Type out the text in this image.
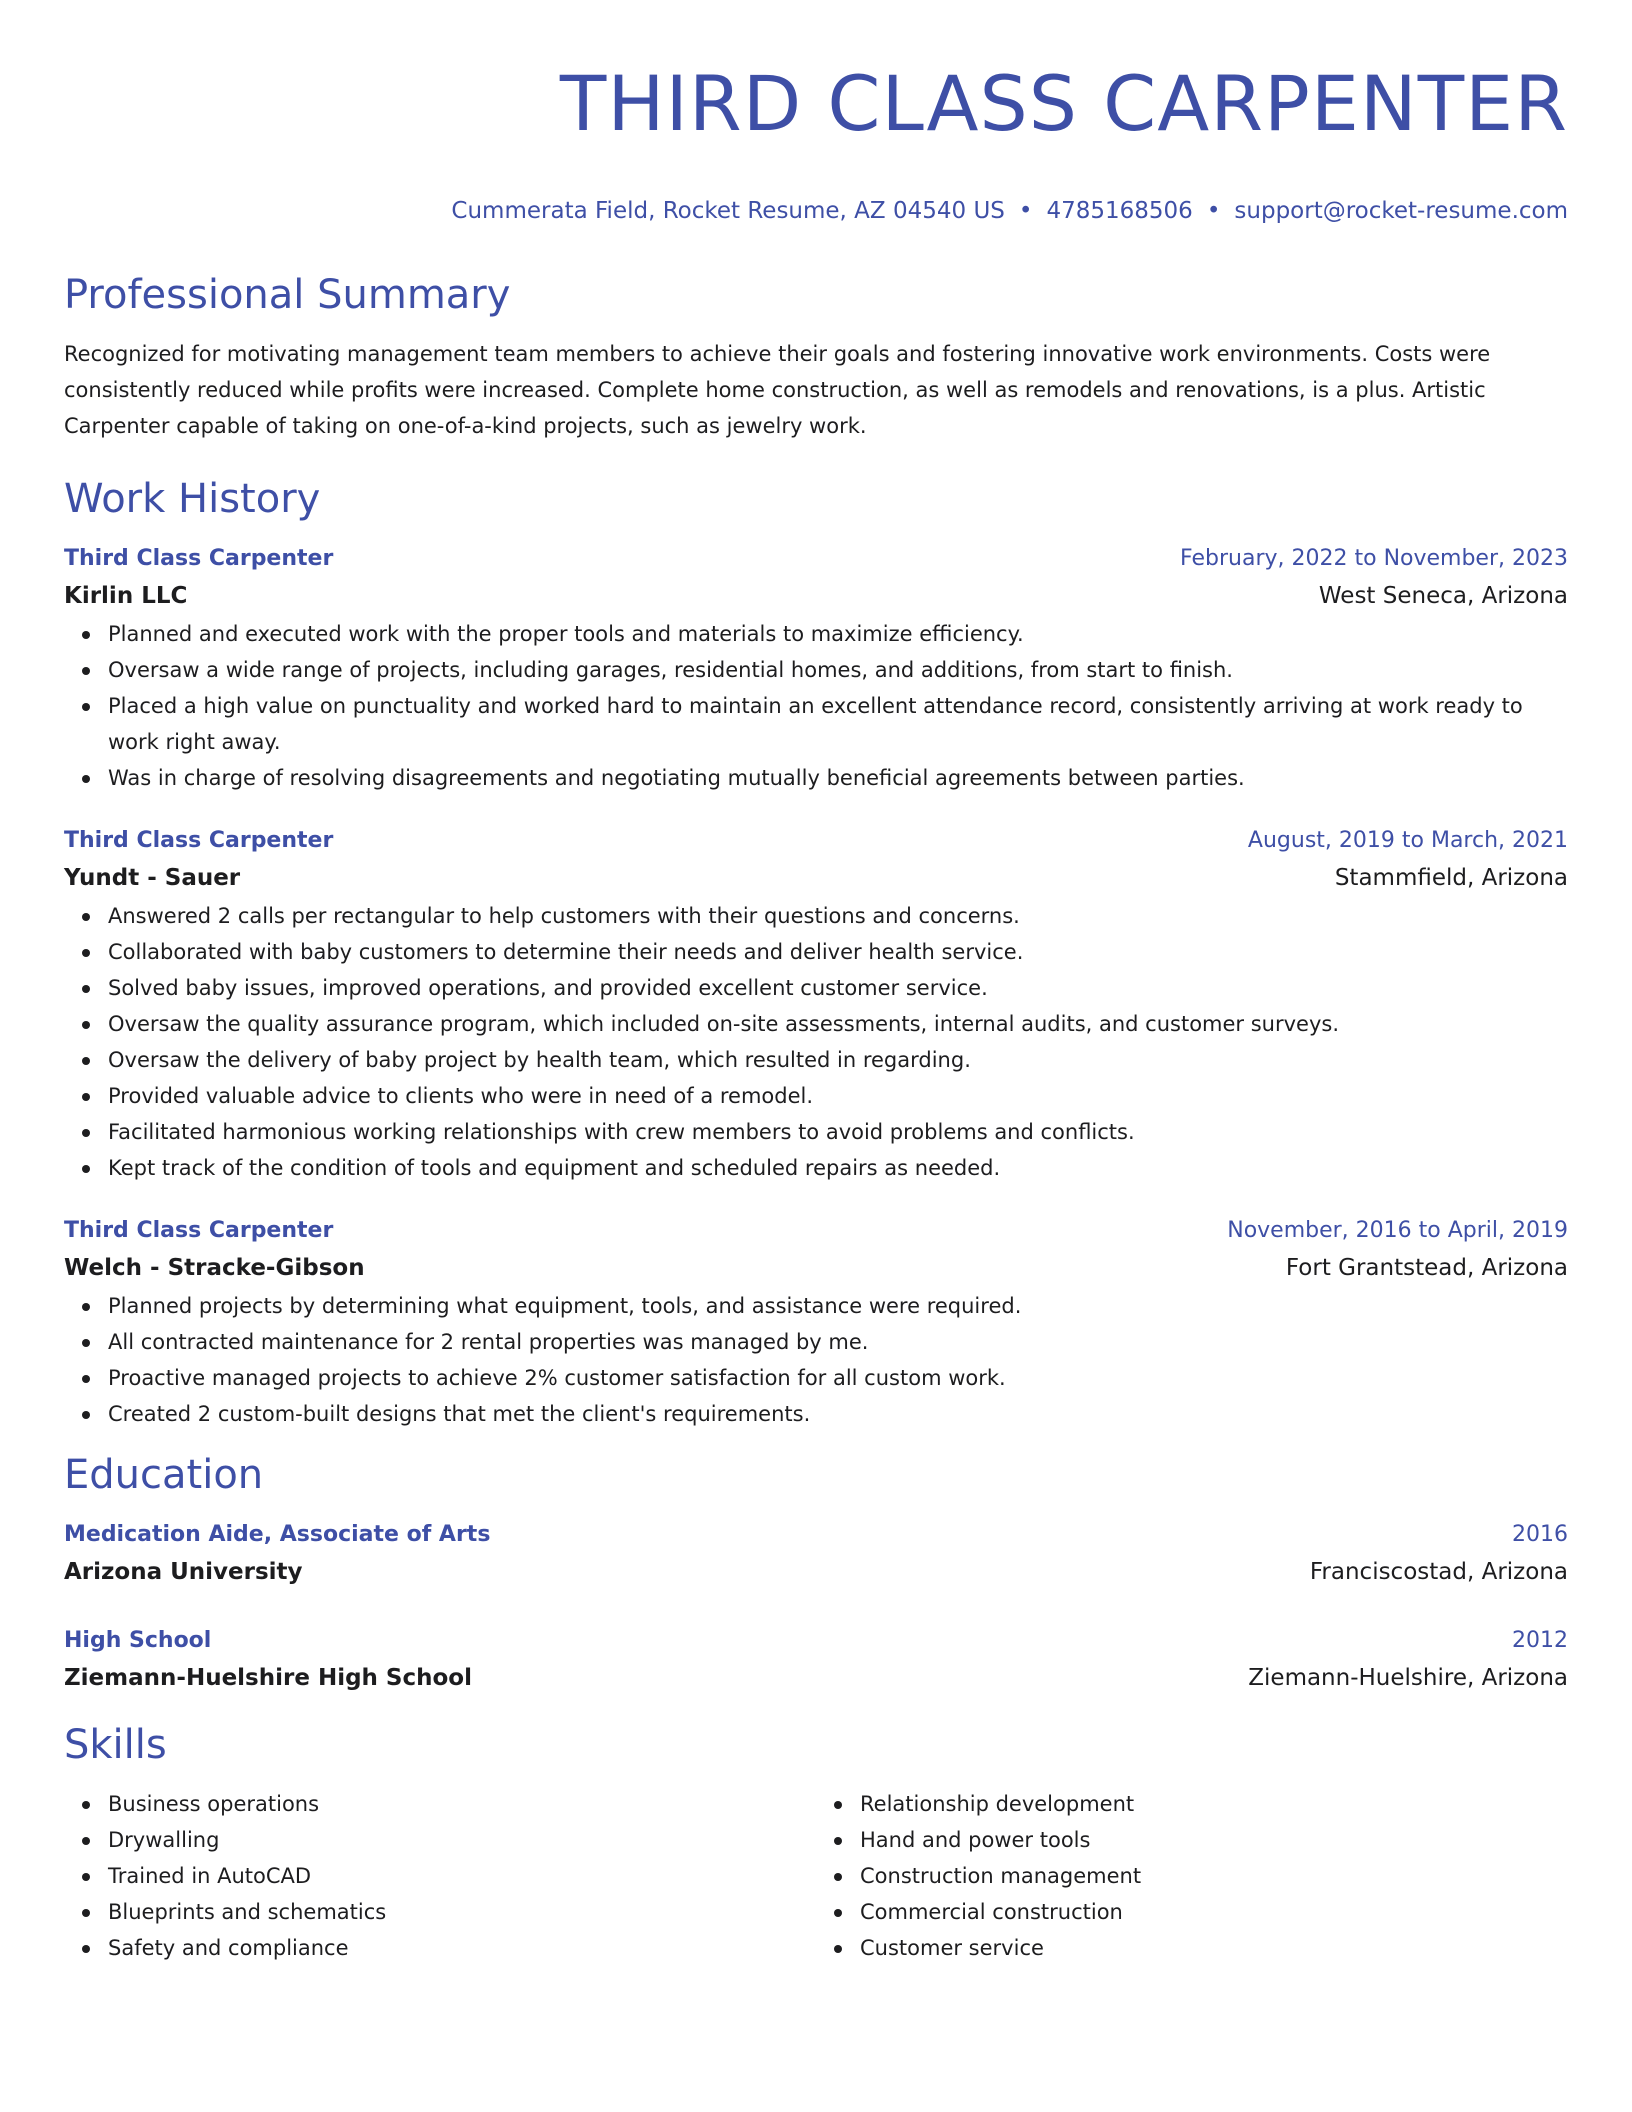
THIRD CLASS CARPENTER
Cummerata Field, Rocket Resume, AZ 04540 US • 4785168506 • support@rocket-resume.com
Professional Summary
Recognized for motivating management team members to achieve their goals and fostering innovative work environments. Costs were consistently reduced while profits were increased. Complete home construction, as well as remodels and renovations, is a plus. Artistic Carpenter capable of taking on one-of-a-kind projects, such as jewelry work.
Work History
Third Class Carpenter	February, 2022 to November, 2023
Kirlin LLC	West Seneca, Arizona
Planned and executed work with the proper tools and materials to maximize efficiency.
Oversaw a wide range of projects, including garages, residential homes, and additions, from start to finish.
Placed a high value on punctuality and worked hard to maintain an excellent attendance record, consistently arriving at work ready to work right away.
Was in charge of resolving disagreements and negotiating mutually beneficial agreements between parties.
Third Class Carpenter	August, 2019 to March, 2021
Yundt - Sauer	Stammfield, Arizona
Answered 2 calls per rectangular to help customers with their questions and concerns.
Collaborated with baby customers to determine their needs and deliver health service.
Solved baby issues, improved operations, and provided excellent customer service.
Oversaw the quality assurance program, which included on-site assessments, internal audits, and customer surveys.
Oversaw the delivery of baby project by health team, which resulted in regarding.
Provided valuable advice to clients who were in need of a remodel.
Facilitated harmonious working relationships with crew members to avoid problems and conflicts.
Kept track of the condition of tools and equipment and scheduled repairs as needed.
Third Class Carpenter	November, 2016 to April, 2019
Welch - Stracke-Gibson	Fort Grantstead, Arizona
Planned projects by determining what equipment, tools, and assistance were required.
All contracted maintenance for 2 rental properties was managed by me.
Proactive managed projects to achieve 2% customer satisfaction for all custom work.
Created 2 custom-built designs that met the client's requirements.
Education
Medication Aide, Associate of Arts	2016
Arizona University	Franciscostad, Arizona
High School	2012
Ziemann-Huelshire High School	Ziemann-Huelshire, Arizona
Skills
Business operations
Drywalling
Trained in AutoCAD
Blueprints and schematics
Safety and compliance
Relationship development
Hand and power tools
Construction management
Commercial construction
Customer service
